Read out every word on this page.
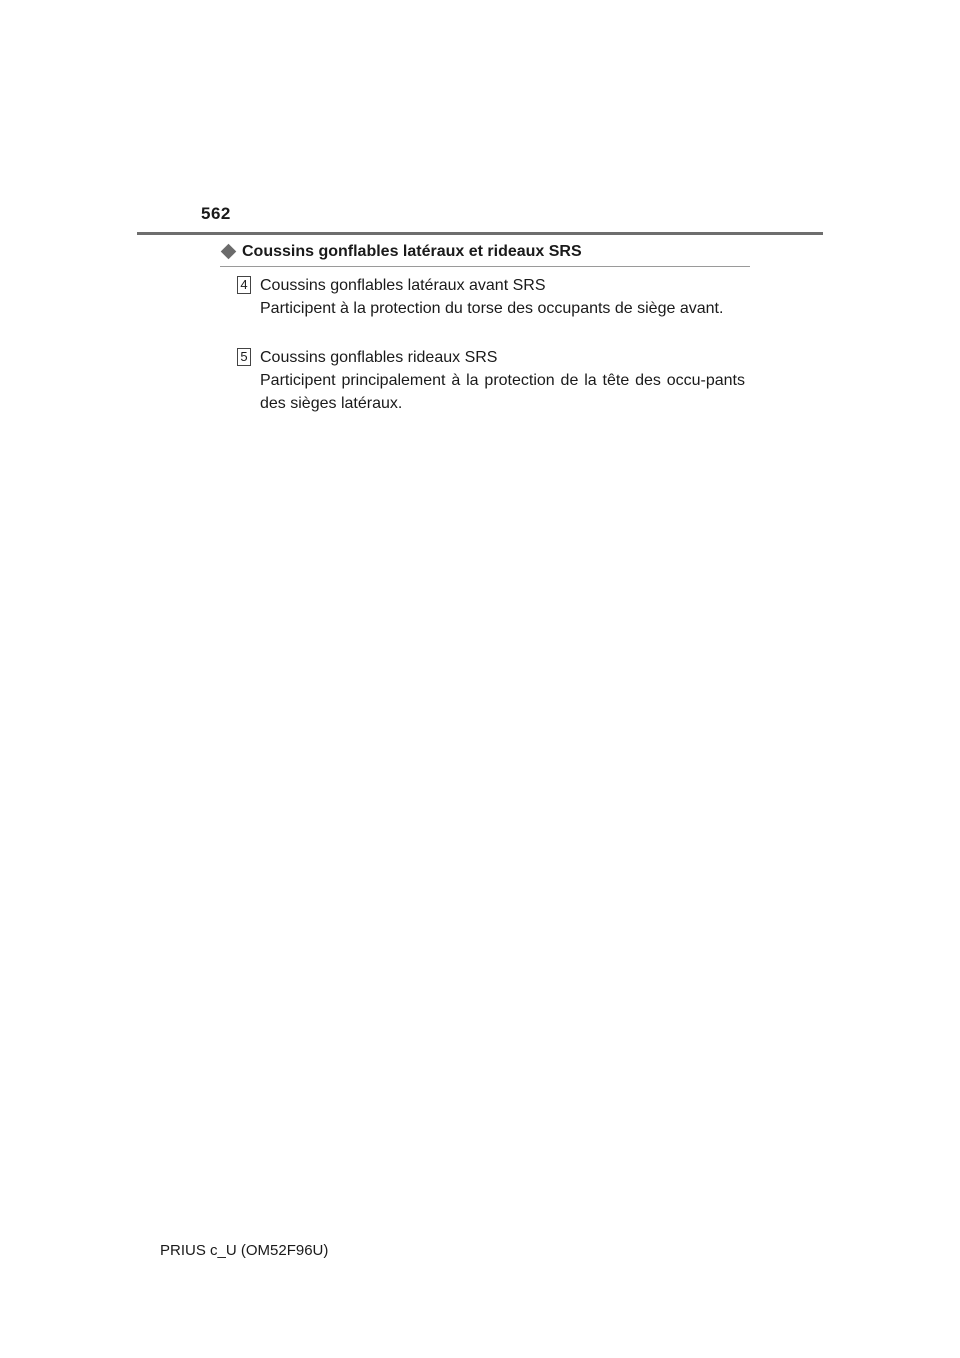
562
Coussins gonflables latéraux et rideaux SRS
4 Coussins gonflables latéraux avant SRS
Participent à la protection du torse des occupants de siège avant.
5 Coussins gonflables rideaux SRS
Participent principalement à la protection de la tête des occu-pants des sièges latéraux.
PRIUS c_U (OM52F96U)
